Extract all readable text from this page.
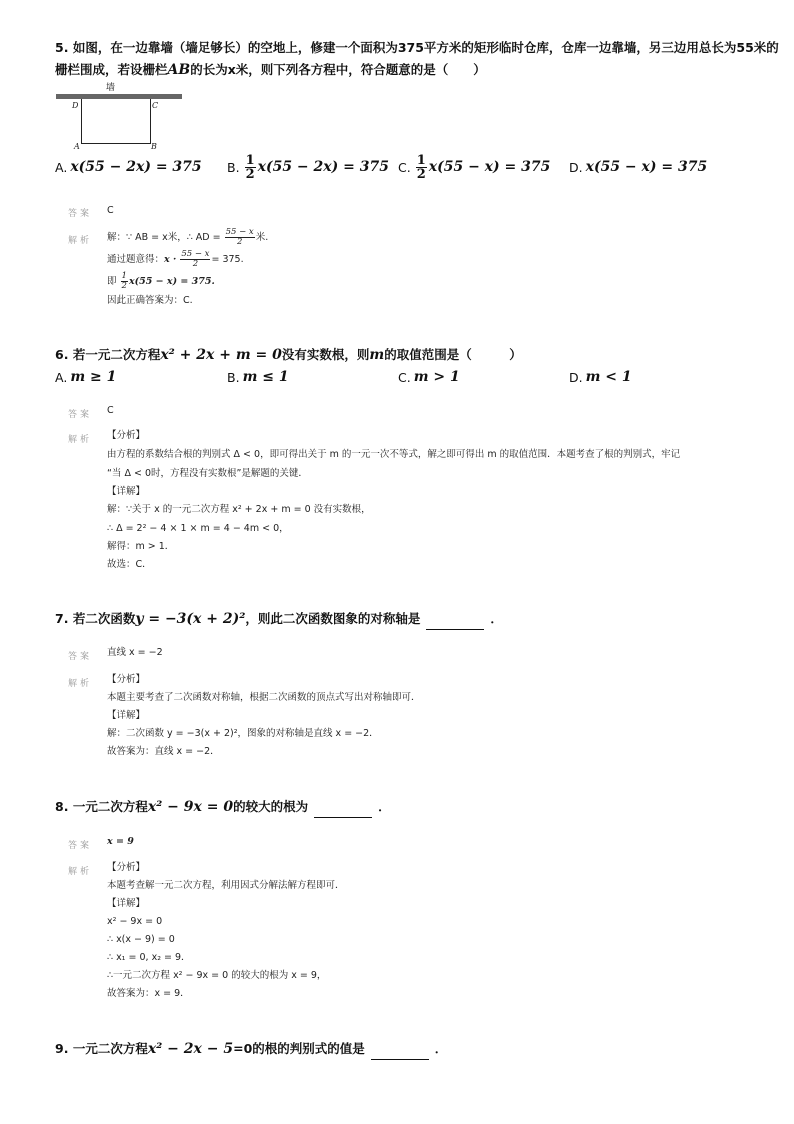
5. 如图，在一边靠墙（墙足够长）的空地上，修建一个面积为375平方米的矩形临时仓库，仓库一边靠墙，另三边用总长为55米的
栅栏围成，若设栅栏AB的长为x米，则下列各方程中，符合题意的是（　　）
墙
D	C
A	B
A. x(55 − 2x) = 375 B. $\frac{1}{2} x(55 - 2x) = 375$ C. $\frac{1}{2} x(55 - x) = 375$ D. x(55 − x) = 375
答案 C
解析 解：∵ AB = x米，∴ AD = $\frac{55 - x}{2}$ 米.
通过题意得：$x \cdot \frac{55 - x}{2} = 375$.
即 $\frac{1}{2} x(55 - x) = 375$.
因此正确答案为：C.
6. 若一元二次方程x² + 2x + m = 0没有实数根，则m的取值范围是（　　　）
A. m ≥ 1	B. m ≤ 1	C. m > 1	D. m < 1
答案 C
解析 【分析】
由方程的系数结合根的判别式 Δ < 0，即可得出关于 m 的一元一次不等式，解之即可得出 m 的取值范围．本题考查了根的判别式，牢记
“当 Δ < 0时，方程没有实数根”是解题的关键．
【详解】
解：∵关于 x 的一元二次方程 x² + 2x + m = 0 没有实数根，
∴ Δ = 2² − 4 × 1 × m = 4 − 4m < 0，
解得：m > 1．
故选：C．
7. 若二次函数y = −3(x + 2)²，则此二次函数图象的对称轴是	．
答案 直线 x = −2
解析 【分析】
本题主要考查了二次函数对称轴，根据二次函数的顶点式写出对称轴即可．
【详解】
解：二次函数 y = −3(x + 2)²，图象的对称轴是直线 x = −2．
故答案为：直线 x = −2．
8. 一元二次方程x² − 9x = 0的较大的根为	．
答案 x = 9
解析 【分析】
本题考查解一元二次方程，利用因式分解法解方程即可．
【详解】
x² − 9x = 0
∴ x(x − 9) = 0
∴ x₁ = 0, x₂ = 9．
∴一元二次方程 x² − 9x = 0 的较大的根为 x = 9，
故答案为：x = 9．
9. 一元二次方程x² − 2x − 5=0的根的判别式的值是	．
